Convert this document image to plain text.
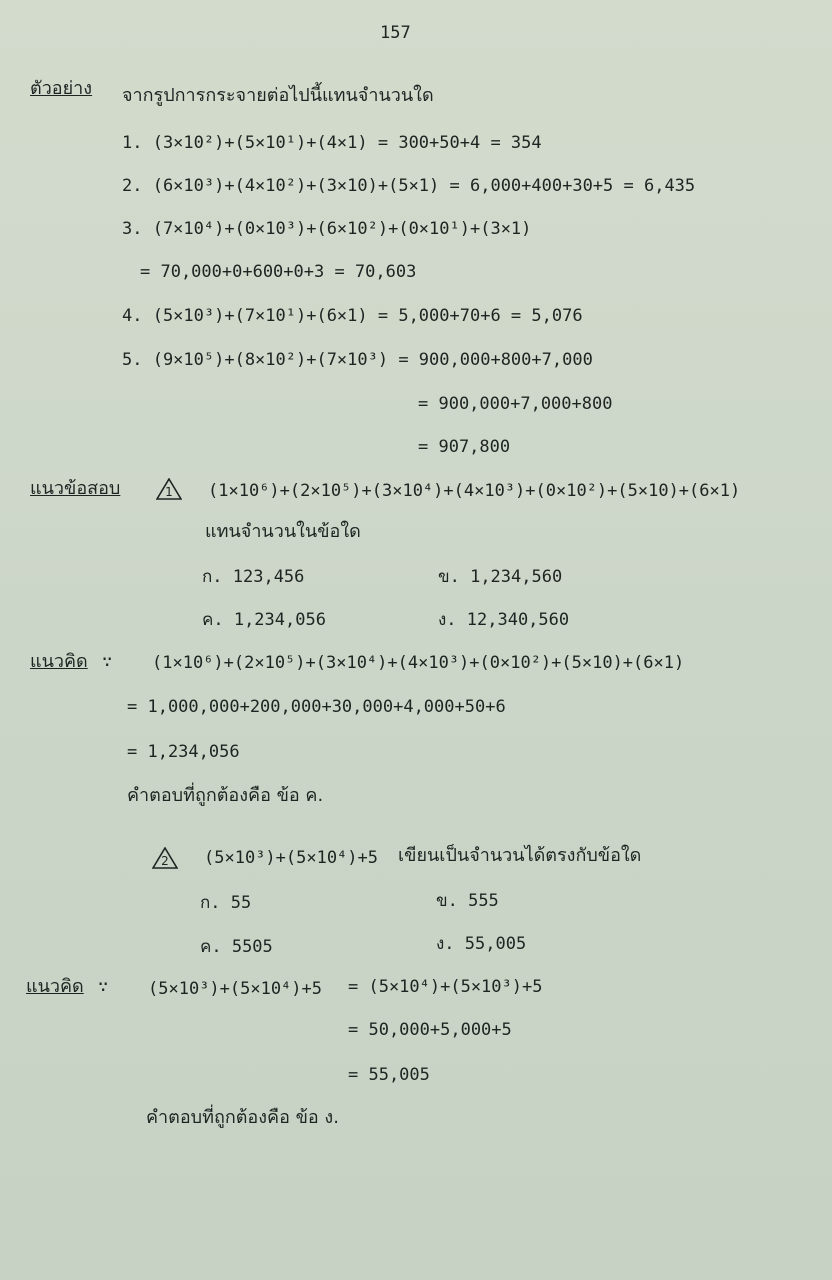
157
ตัวอย่าง จากรูปการกระจายต่อไปนี้แทนจำนวนใด
1. (3×10²)+(5×10¹)+(4×1) = 300+50+4 = 354
2. (6×10³)+(4×10²)+(3×10)+(5×1) = 6,000+400+30+5 = 6,435
3. (7×10⁴)+(0×10³)+(6×10²)+(0×10¹)+(3×1)
= 70,000+0+600+0+3 = 70,603
4. (5×10³)+(7×10¹)+(6×1) = 5,000+70+6 = 5,076
5. (9×10⁵)+(8×10²)+(7×10³) = 900,000+800+7,000
= 900,000+7,000+800
= 907,800
แนวข้อสอบ	1 (1×10⁶)+(2×10⁵)+(3×10⁴)+(4×10³)+(0×10²)+(5×10)+(6×1)
แทนจำนวนในข้อใด
ก. 123,456	ข. 1,234,560
ค. 1,234,056	ง. 12,340,560
แนวคิด ∵ (1×10⁶)+(2×10⁵)+(3×10⁴)+(4×10³)+(0×10²)+(5×10)+(6×1)
= 1,000,000+200,000+30,000+4,000+50+6
= 1,234,056
คำตอบที่ถูกต้องคือ ข้อ ค.
2 (5×10³)+(5×10⁴)+5 เขียนเป็นจำนวนได้ตรงกับข้อใด
ก. 55	ข. 555
ค. 5505	ง. 55,005
แนวคิด ∵ (5×10³)+(5×10⁴)+5 = (5×10⁴)+(5×10³)+5
= 50,000+5,000+5
= 55,005
คำตอบที่ถูกต้องคือ ข้อ ง.
